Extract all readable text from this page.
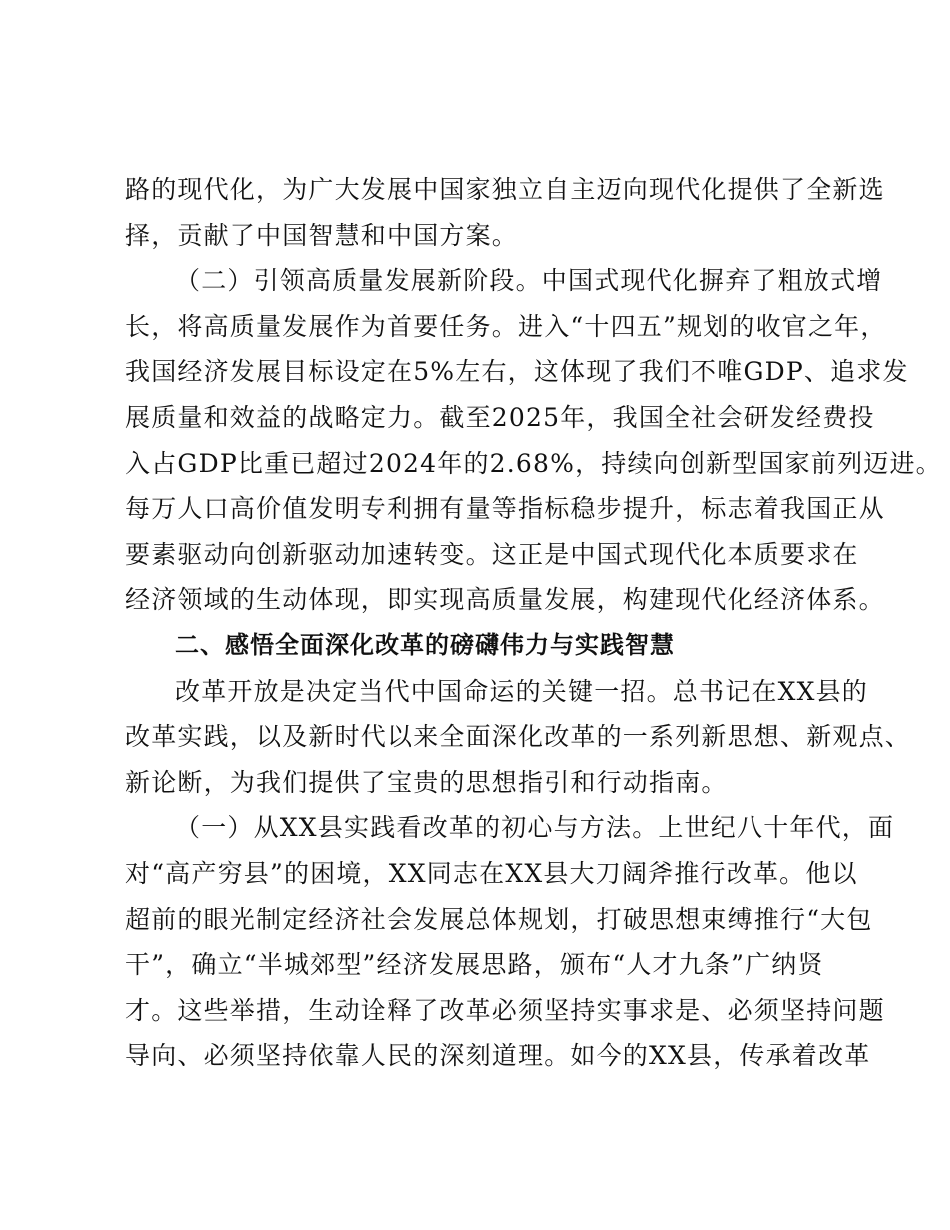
路的现代化，为广大发展中国家独立自主迈向现代化提供了全新选
择，贡献了中国智慧和中国方案。
（二）引领高质量发展新阶段。中国式现代化摒弃了粗放式增
长，将高质量发展作为首要任务。进入“十四五”规划的收官之年，
我国经济发展目标设定在5%左右，这体现了我们不唯GDP、追求发
展质量和效益的战略定力。截至2025年，我国全社会研发经费投
入占GDP比重已超过2024年的2.68%，持续向创新型国家前列迈进。
每万人口高价值发明专利拥有量等指标稳步提升，标志着我国正从
要素驱动向创新驱动加速转变。这正是中国式现代化本质要求在
经济领域的生动体现，即实现高质量发展，构建现代化经济体系。
二、感悟全面深化改革的磅礴伟力与实践智慧
改革开放是决定当代中国命运的关键一招。总书记在XX县的
改革实践，以及新时代以来全面深化改革的一系列新思想、新观点、
新论断，为我们提供了宝贵的思想指引和行动指南。
（一）从XX县实践看改革的初心与方法。上世纪八十年代，面
对“高产穷县”的困境，XX同志在XX县大刀阔斧推行改革。他以
超前的眼光制定经济社会发展总体规划，打破思想束缚推行“大包
干”，确立“半城郊型”经济发展思路，颁布“人才九条”广纳贤
才。这些举措，生动诠释了改革必须坚持实事求是、必须坚持问题
导向、必须坚持依靠人民的深刻道理。如今的XX县，传承着改革
